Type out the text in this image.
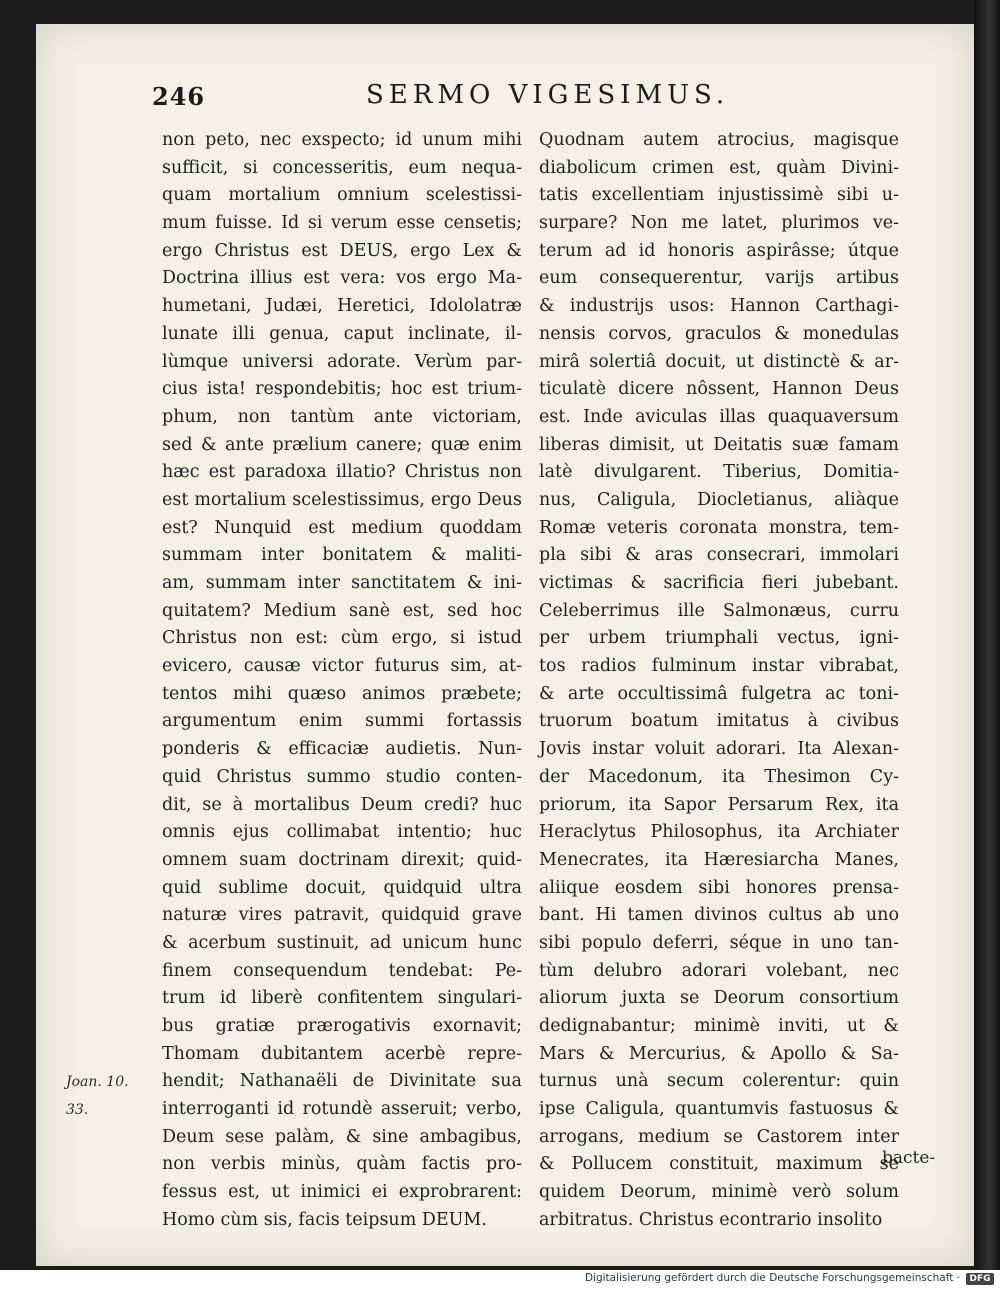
246	SERMO VIGESIMUS.
non peto, nec exspecto; id unum mihi
sufficit, si concesseritis, eum nequa-
quam mortalium omnium scelestissi-
mum fuisse. Id si verum esse censetis;
ergo Christus est DEUS, ergo Lex &
Doctrina illius est vera: vos ergo Ma-
humetani, Judæi, Heretici, Idololatræ
lunate illi genua, caput inclinate, il-
lùmque universi adorate. Verùm par-
cius ista! respondebitis; hoc est trium-
phum, non tantùm ante victoriam,
sed & ante prælium canere; quæ enim
hæc est paradoxa illatio? Christus non
est mortalium scelestissimus, ergo Deus
est? Nunquid est medium quoddam
summam inter bonitatem & maliti-
am, summam inter sanctitatem & ini-
quitatem? Medium sanè est, sed hoc
Christus non est: cùm ergo, si istud
evicero, causæ victor futurus sim, at-
tentos mihi quæso animos præbete;
argumentum enim summi fortassis
ponderis & efficaciæ audietis. Nun-
quid Christus summo studio conten-
dit, se à mortalibus Deum credi? huc
omnis ejus collimabat intentio; huc
omnem suam doctrinam direxit; quid-
quid sublime docuit, quidquid ultra
naturæ vires patravit, quidquid grave
& acerbum sustinuit, ad unicum hunc
finem consequendum tendebat: Pe-
trum id liberè confitentem singulari-
bus gratiæ prærogativis exornavit;
Thomam dubitantem acerbè repre-
hendit; Nathanaëli de Divinitate sua
interroganti id rotundè asseruit; verbo,
Deum sese palàm, & sine ambagibus,
non verbis minùs, quàm factis pro-
fessus est, ut inimici ei exprobrarent:
Homo cùm sis, facis teipsum DEUM.
Quodnam autem atrocius, magisque
diabolicum crimen est, quàm Divini-
tatis excellentiam injustissimè sibi u-
surpare? Non me latet, plurimos ve-
terum ad id honoris aspirâsse; útque
eum consequerentur, varijs artibus
& industrijs usos: Hannon Carthagi-
nensis corvos, graculos & monedulas
mirâ solertiâ docuit, ut distinctè & ar-
ticulatè dicere nôssent, Hannon Deus
est. Inde aviculas illas quaquaversum
liberas dimisit, ut Deitatis suæ famam
latè divulgarent. Tiberius, Domitia-
nus, Caligula, Diocletianus, aliàque
Romæ veteris coronata monstra, tem-
pla sibi & aras consecrari, immolari
victimas & sacrificia fieri jubebant.
Celeberrimus ille Salmonæus, curru
per urbem triumphali vectus, igni-
tos radios fulminum instar vibrabat,
& arte occultissimâ fulgetra ac toni-
truorum boatum imitatus à civibus
Jovis instar voluit adorari. Ita Alexan-
der Macedonum, ita Thesimon Cy-
priorum, ita Sapor Persarum Rex, ita
Heraclytus Philosophus, ita Archiater
Menecrates, ita Hæresiarcha Manes,
aliique eosdem sibi honores prensa-
bant. Hi tamen divinos cultus ab uno
sibi populo deferri, séque in uno tan-
tùm delubro adorari volebant, nec
aliorum juxta se Deorum consortium
dedignabantur; minimè inviti, ut &
Mars & Mercurius, & Apollo & Sa-
turnus unà secum colerentur: quin
ipse Caligula, quantumvis fastuosus &
arrogans, medium se Castorem inter
& Pollucem constituit, maximum se
quidem Deorum, minimè verò solum
arbitratus. Christus econtrario insolito
bacte-
Joan. 10.
33.
Digitalisierung gefördert durch die Deutsche Forschungsgemeinschaft ·	DFG
